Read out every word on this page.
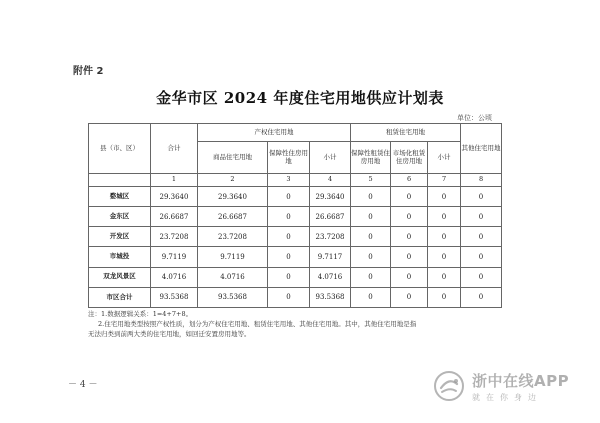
附件 2
金华市区 2024 年度住宅用地供应计划表
单位：公顷
县（市、区）	合计	产权住宅用地			租赁住宅用地			其他住宅用地
		商品住宅用地	保障性住房用地	小计	保障性租赁住房用地	市场化租赁住房用地	小计	
	1	2	3	4	5	6	7	8
婺城区	29.3640	29.3640	0	29.3640	0	0	0	0
金东区	26.6687	26.6687	0	26.6687	0	0	0	0
开发区	23.7208	23.7208	0	23.7208	0	0	0	0
市城投	9.7119	9.7119	0	9.7117	0	0	0	0
双龙风景区	4.0716	4.0716	0	4.0716	0	0	0	0
市区合计	93.5368	93.5368	0	93.5368	0	0	0	0
注：1.数据逻辑关系：1=4+7+8。
2.住宅用地类型按照产权性质，划分为产权住宅用地、租赁住宅用地、其他住宅用地。其中，其他住宅用地是指
无法归类到前两大类的住宅用地，如回迁安置房用地等。
－ 4 －	浙中在线APP
就在你身边
